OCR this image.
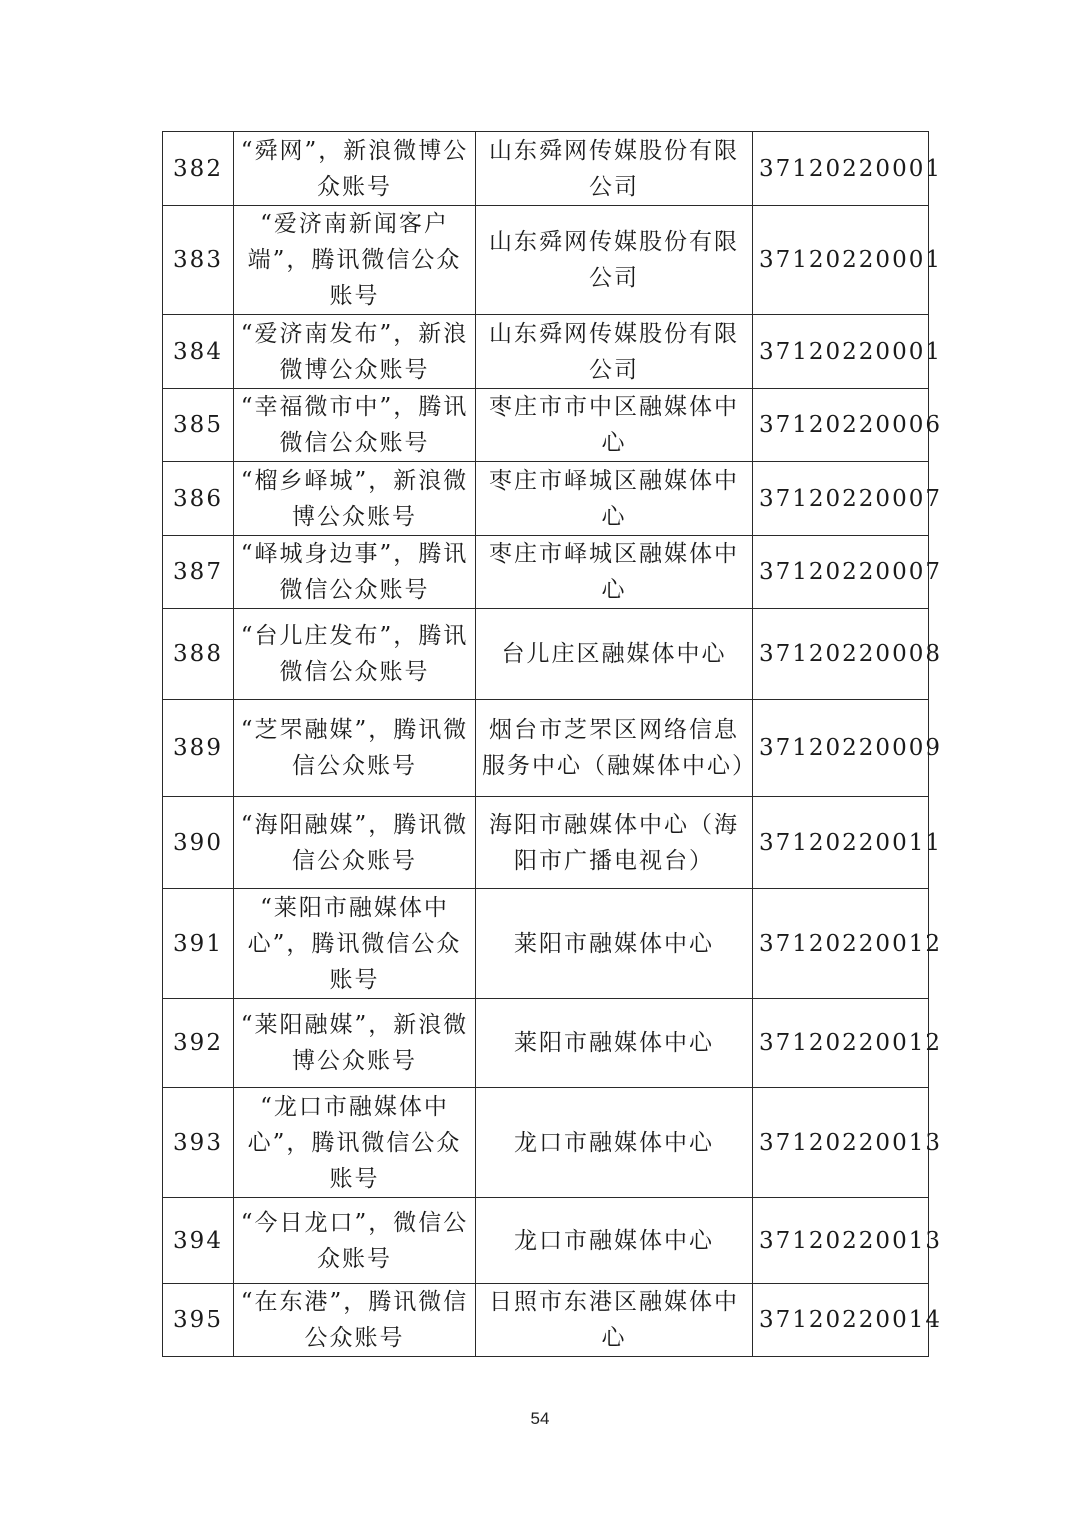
382	“舜网”，新浪微博公众账号	山东舜网传媒股份有限公司	37120220001
383	“爱济南新闻客户端”，腾讯微信公众账号	山东舜网传媒股份有限公司	37120220001
384	“爱济南发布”，新浪微博公众账号	山东舜网传媒股份有限公司	37120220001
385	“幸福微市中”，腾讯微信公众账号	枣庄市市中区融媒体中心	37120220006
386	“榴乡峄城”，新浪微博公众账号	枣庄市峄城区融媒体中心	37120220007
387	“峄城身边事”，腾讯微信公众账号	枣庄市峄城区融媒体中心	37120220007
388	“台儿庄发布”，腾讯微信公众账号	台儿庄区融媒体中心	37120220008
389	“芝罘融媒”，腾讯微信公众账号	烟台市芝罘区网络信息服务中心（融媒体中心）	37120220009
390	“海阳融媒”，腾讯微信公众账号	海阳市融媒体中心（海阳市广播电视台）	37120220011
391	“莱阳市融媒体中心”，腾讯微信公众账号	莱阳市融媒体中心	37120220012
392	“莱阳融媒”，新浪微博公众账号	莱阳市融媒体中心	37120220012
393	“龙口市融媒体中心”，腾讯微信公众账号	龙口市融媒体中心	37120220013
394	“今日龙口”，微信公众账号	龙口市融媒体中心	37120220013
395	“在东港”，腾讯微信公众账号	日照市东港区融媒体中心	37120220014
54
